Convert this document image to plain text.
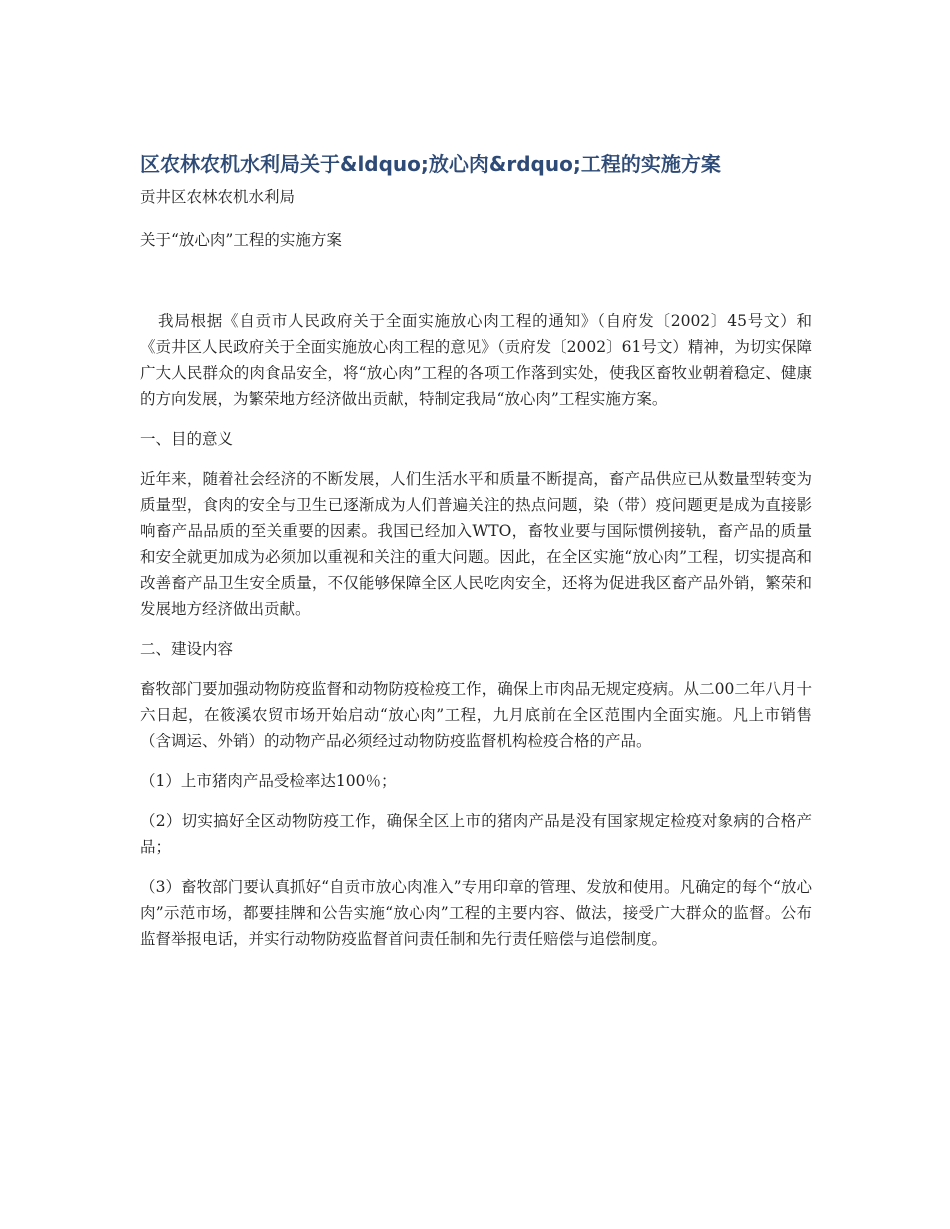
区农林农机水利局关于&ldquo;放心肉&rdquo;工程的实施方案

贡井区农林农机水利局

关于“放心肉”工程的实施方案

我局根据《自贡市人民政府关于全面实施放心肉工程的通知》（自府发〔2002〕45号文）和《贡井区人民政府关于全面实施放心肉工程的意见》（贡府发〔2002〕61号文）精神，为切实保障广大人民群众的肉食品安全，将“放心肉”工程的各项工作落到实处，使我区畜牧业朝着稳定、健康的方向发展，为繁荣地方经济做出贡献，特制定我局“放心肉”工程实施方案。

一、目的意义

近年来，随着社会经济的不断发展，人们生活水平和质量不断提高，畜产品供应已从数量型转变为质量型，食肉的安全与卫生已逐渐成为人们普遍关注的热点问题，染（带）疫问题更是成为直接影响畜产品品质的至关重要的因素。我国已经加入WTO，畜牧业要与国际惯例接轨，畜产品的质量和安全就更加成为必须加以重视和关注的重大问题。因此，在全区实施“放心肉”工程，切实提高和改善畜产品卫生安全质量，不仅能够保障全区人民吃肉安全，还将为促进我区畜产品外销，繁荣和发展地方经济做出贡献。

二、建设内容

畜牧部门要加强动物防疫监督和动物防疫检疫工作，确保上市肉品无规定疫病。从二00二年八月十六日起，在筱溪农贸市场开始启动“放心肉”工程，九月底前在全区范围内全面实施。凡上市销售（含调运、外销）的动物产品必须经过动物防疫监督机构检疫合格的产品。

（1）上市猪肉产品受检率达100％；

（2）切实搞好全区动物防疫工作，确保全区上市的猪肉产品是没有国家规定检疫对象病的合格产品；

（3）畜牧部门要认真抓好“自贡市放心肉准入”专用印章的管理、发放和使用。凡确定的每个“放心肉”示范市场，都要挂牌和公告实施“放心肉”工程的主要内容、做法，接受广大群众的监督。公布监督举报电话，并实行动物防疫监督首问责任制和先行责任赔偿与追偿制度。
